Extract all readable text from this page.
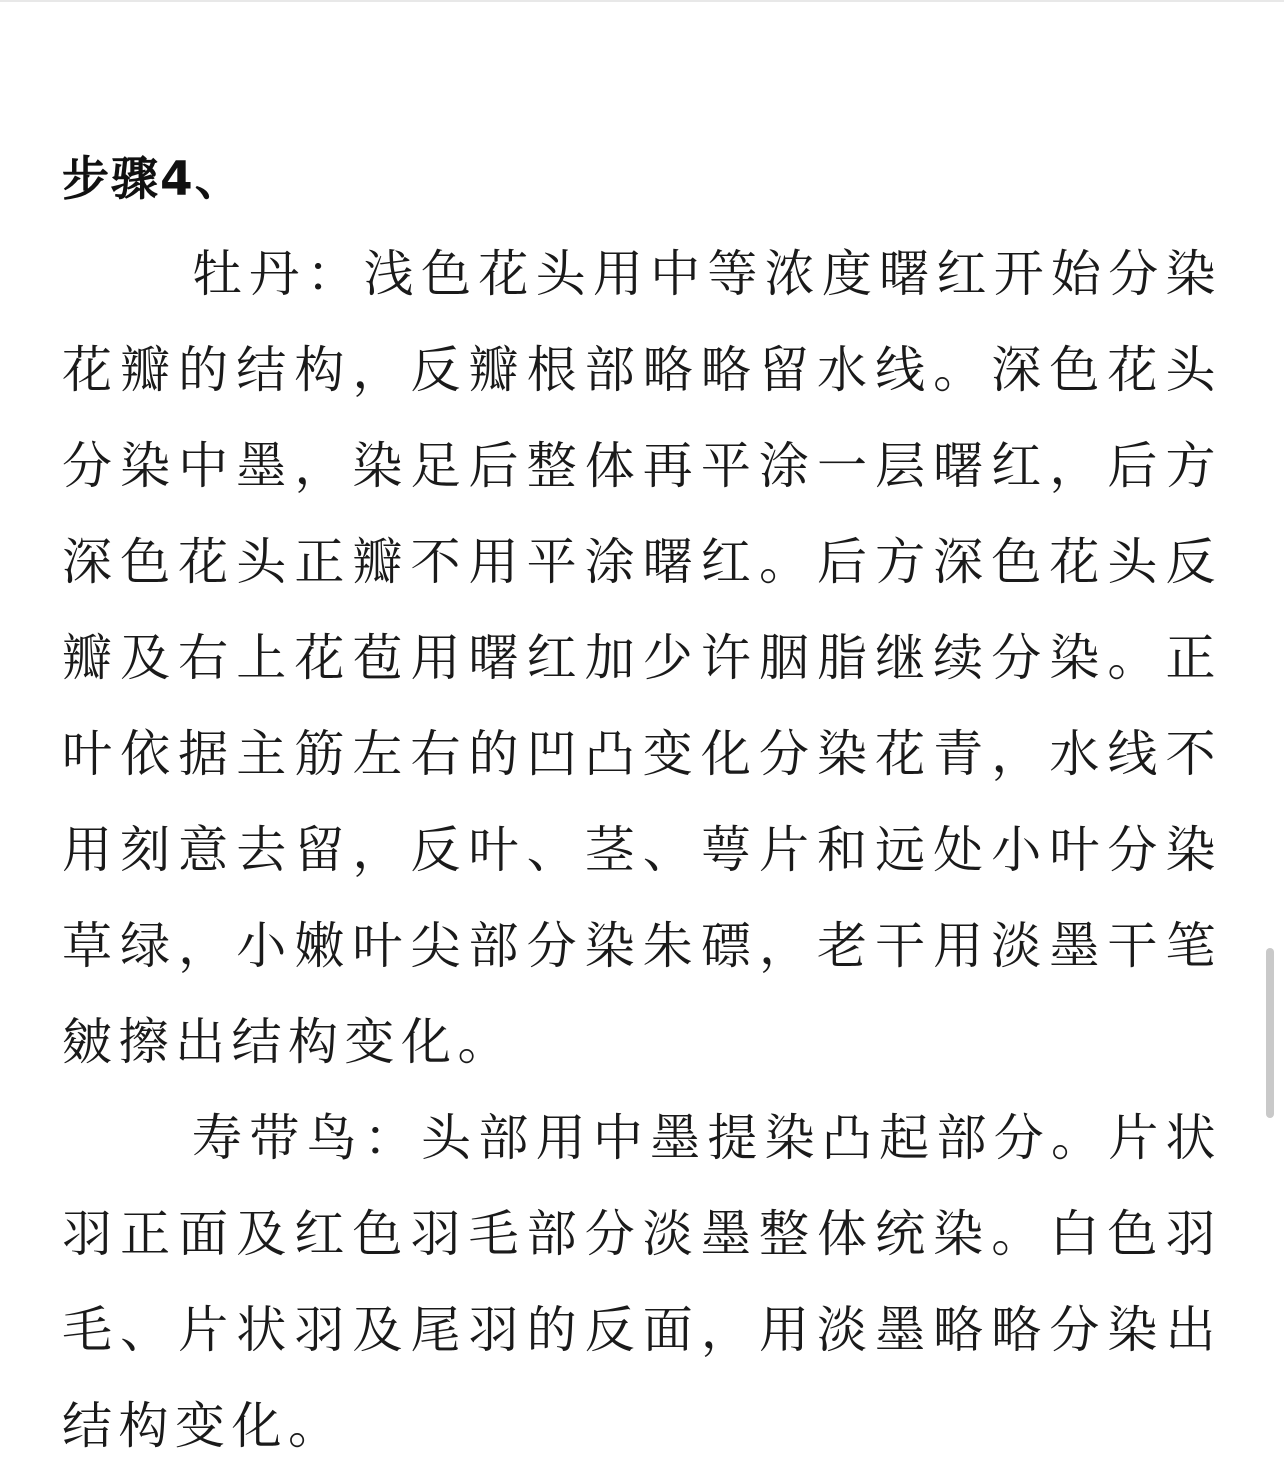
步骤4、

牡丹：浅色花头用中等浓度曙红开始分染花瓣的结构，反瓣根部略略留水线。深色花头分染中墨，染足后整体再平涂一层曙红，后方深色花头正瓣不用平涂曙红。后方深色花头反瓣及右上花苞用曙红加少许胭脂继续分染。正叶依据主筋左右的凹凸变化分染花青，水线不用刻意去留，反叶、茎、萼片和远处小叶分染草绿，小嫩叶尖部分染朱磦，老干用淡墨干笔皴擦出结构变化。

寿带鸟：头部用中墨提染凸起部分。片状羽正面及红色羽毛部分淡墨整体统染。白色羽毛、片状羽及尾羽的反面，用淡墨略略分染出结构变化。
